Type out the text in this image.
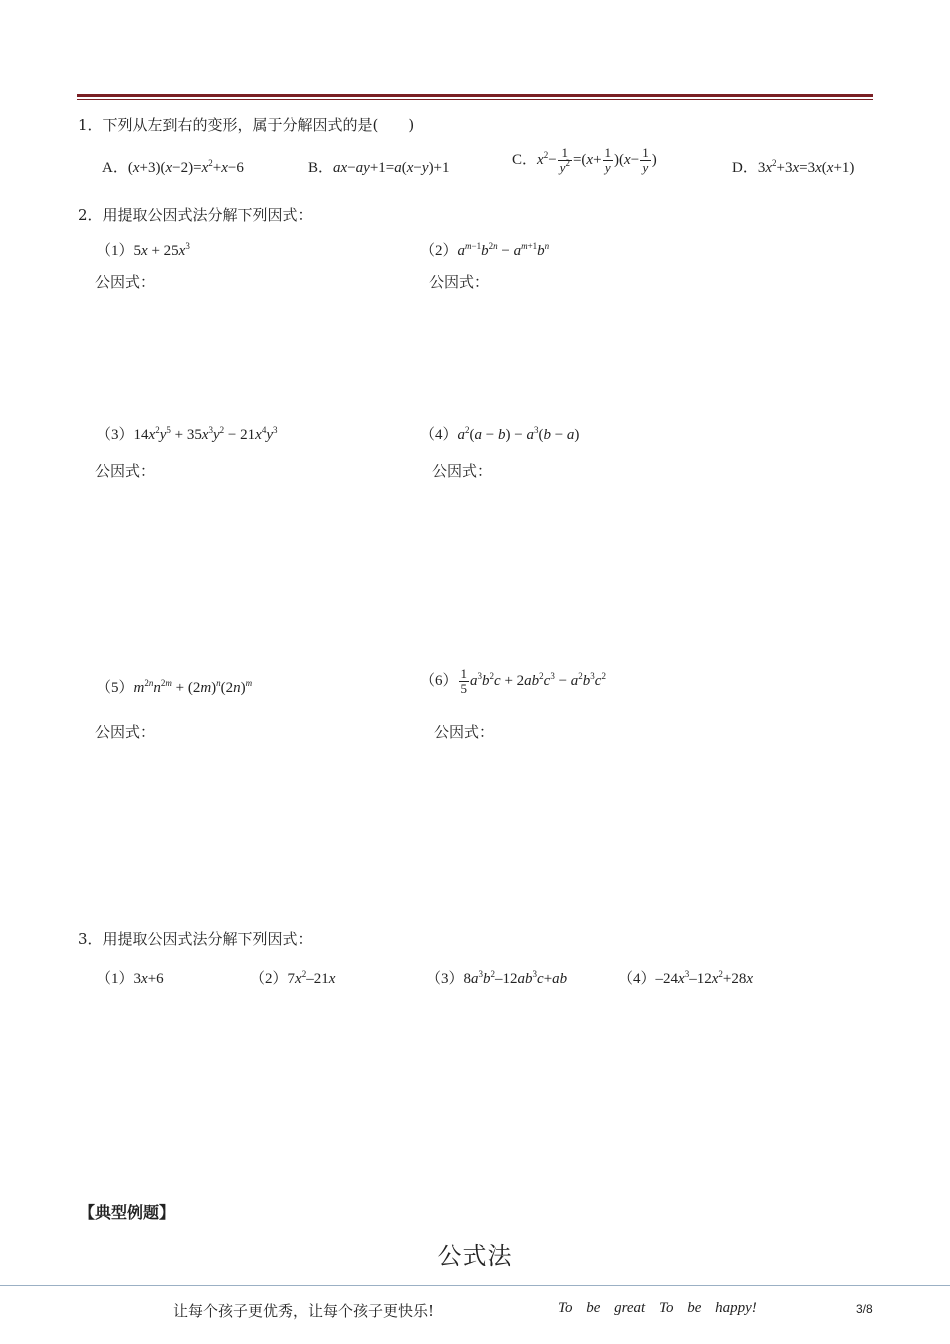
1．下列从左到右的变形，属于分解因式的是(　　)
A．$(x+3)(x-2)=x^2+x-6$	B．ax−ay+1=a(x−y)+1	C．$x^2- \frac{1}{y^2} =(x+ \frac{1}{y} )(x- \frac{1}{y}$ )	D．$3x^2+3x=3x(x+1)$
2．用提取公因式法分解下列因式：
$(1)5x + 25x^3$
公因式：
$(2)a^{m-1}b^{2n} - a^{m+1}b^n$
公因式：
$(3)14x^2y^5 + 35x^3y^2 - 21x^4y^3$
公因式：
$(4)a^2(a - b) - a^3(b - a)$
公因式：
$(5)m^{2n}n^{2m} + (2m)^n(2n)^m$
公因式：
$(6) \frac{1}{5} a^3b^2c + 2ab^2c^3 - a^2b^3c^2$
公因式：
3．用提取公因式法分解下列因式：
（1）3x+6	$(2)7x^2-21x$	$(3)8a^3b^2-12ab^3c+ab$	$(4)-24x^3-12x^2+28x$
【典型例题】
公式法
让每个孩子更优秀，让每个孩子更快乐!	To be great To be happy!	3/8
